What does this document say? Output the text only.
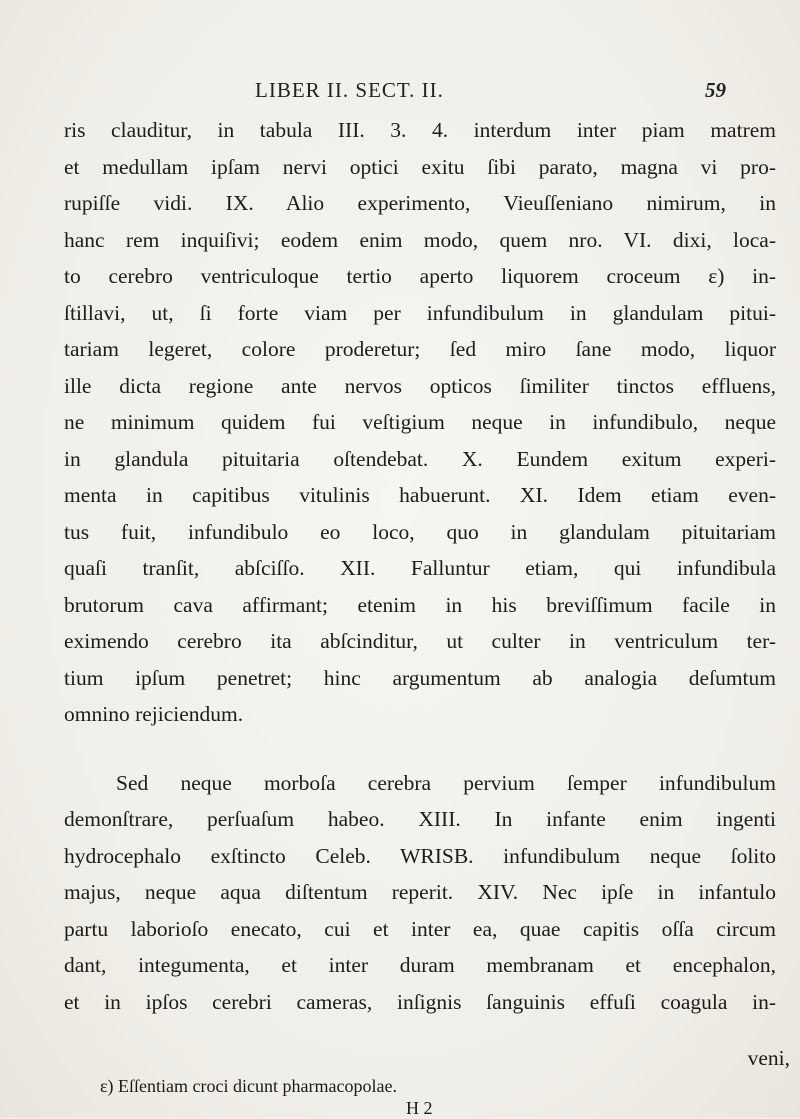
LIBER II. SECT. II.	59
ris clauditur, in tabula III. 3. 4. interdum inter piam matrem
et medullam ipſam nervi optici exitu ſibi parato, magna vi pro-
rupiſſe vidi. IX. Alio experimento, Vieuſſeniano nimirum, in
hanc rem inquiſivi; eodem enim modo, quem nro. VI. dixi, loca-
to cerebro ventriculoque tertio aperto liquorem croceum ε) in-
ſtillavi, ut, ſi forte viam per infundibulum in glandulam pitui-
tariam legeret, colore proderetur; ſed miro ſane modo, liquor
ille dicta regione ante nervos opticos ſimiliter tinctos effluens,
ne minimum quidem fui veſtigium neque in infundibulo, neque
in glandula pituitaria oſtendebat. X. Eundem exitum experi-
menta in capitibus vitulinis habuerunt. XI. Idem etiam even-
tus fuit, infundibulo eo loco, quo in glandulam pituitariam
quaſi tranſit, abſciſſo. XII. Falluntur etiam, qui infundibula
brutorum cava affirmant; etenim in his breviſſimum facile in
eximendo cerebro ita abſcinditur, ut culter in ventriculum ter-
tium ipſum penetret; hinc argumentum ab analogia deſumtum
omnino rejiciendum.
Sed neque morboſa cerebra pervium ſemper infundibulum
demonſtrare, perſuaſum habeo. XIII. In infante enim ingenti
hydrocephalo exſtincto Celeb. WRISB. infundibulum neque ſolito
majus, neque aqua diſtentum reperit. XIV. Nec ipſe in infantulo
partu laborioſo enecato, cui et inter ea, quae capitis oſſa circum
dant, integumenta, et inter duram membranam et encephalon,
et in ipſos cerebri cameras, inſignis ſanguinis effuſi coagula in-
veni,
ε) Eſſentiam croci dicunt pharmacopolae.
H 2
